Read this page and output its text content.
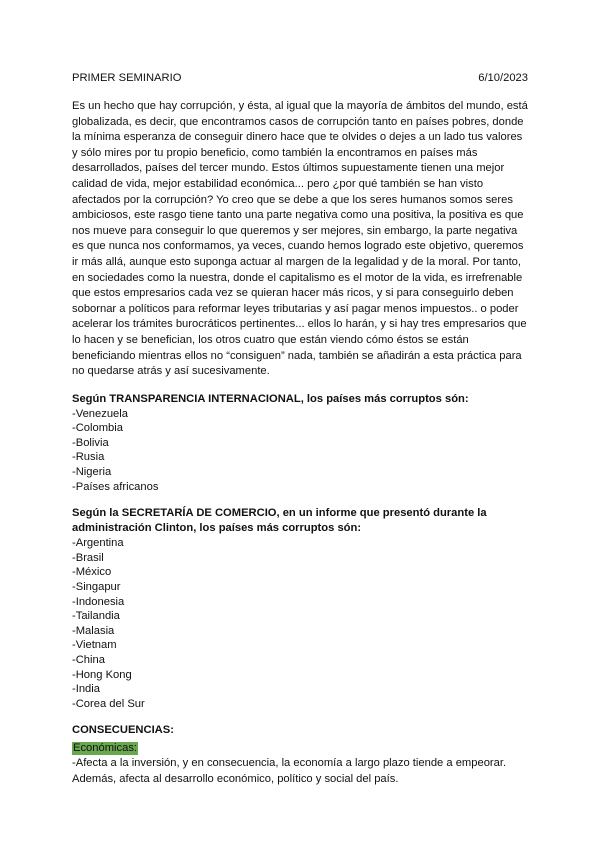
PRIMER SEMINARIO	6/10/2023
Es un hecho que hay corrupción, y ésta, al igual que la mayoría de ámbitos del mundo, está globalizada, es decir, que encontramos casos de corrupción tanto en países pobres, donde la mínima esperanza de conseguir dinero hace que te olvides o dejes a un lado tus valores y sólo mires por tu propio beneficio, como también la encontramos en países más desarrollados, países del tercer mundo. Estos últimos supuestamente tienen una mejor calidad de vida, mejor estabilidad económica... pero ¿por qué también se han visto afectados por la corrupción? Yo creo que se debe a que los seres humanos somos seres ambiciosos, este rasgo tiene tanto una parte negativa como una positiva, la positiva es que nos mueve para conseguir lo que queremos y ser mejores, sin embargo, la parte negativa es que nunca nos conformamos, ya veces, cuando hemos logrado este objetivo, queremos ir más allá, aunque esto suponga actuar al margen de la legalidad y de la moral. Por tanto, en sociedades como la nuestra, donde el capitalismo es el motor de la vida, es irrefrenable que estos empresarios cada vez se quieran hacer más ricos, y si para conseguirlo deben sobornar a políticos para reformar leyes tributarias y así pagar menos impuestos.. o poder acelerar los trámites burocráticos pertinentes... ellos lo harán, y si hay tres empresarios que lo hacen y se benefician, los otros cuatro que están viendo cómo éstos se están beneficiando mientras ellos no “consiguen” nada, también se añadirán a esta práctica para no quedarse atrás y así sucesivamente.
Según TRANSPARENCIA INTERNACIONAL, los países más corruptos són:
-Venezuela
-Colombia
-Bolivia
-Rusia
-Nigeria
-Países africanos
Según la SECRETARÍA DE COMERCIO, en un informe que presentó durante la administración Clinton, los países más corruptos són:
-Argentina
-Brasil
-México
-Singapur
-Indonesia
-Tailandia
-Malasia
-Vietnam
-China
-Hong Kong
-India
-Corea del Sur
CONSECUENCIAS:
Económicas:
-Afecta a la inversión, y en consecuencia, la economía a largo plazo tiende a empeorar. Además, afecta al desarrollo económico, político y social del país.
